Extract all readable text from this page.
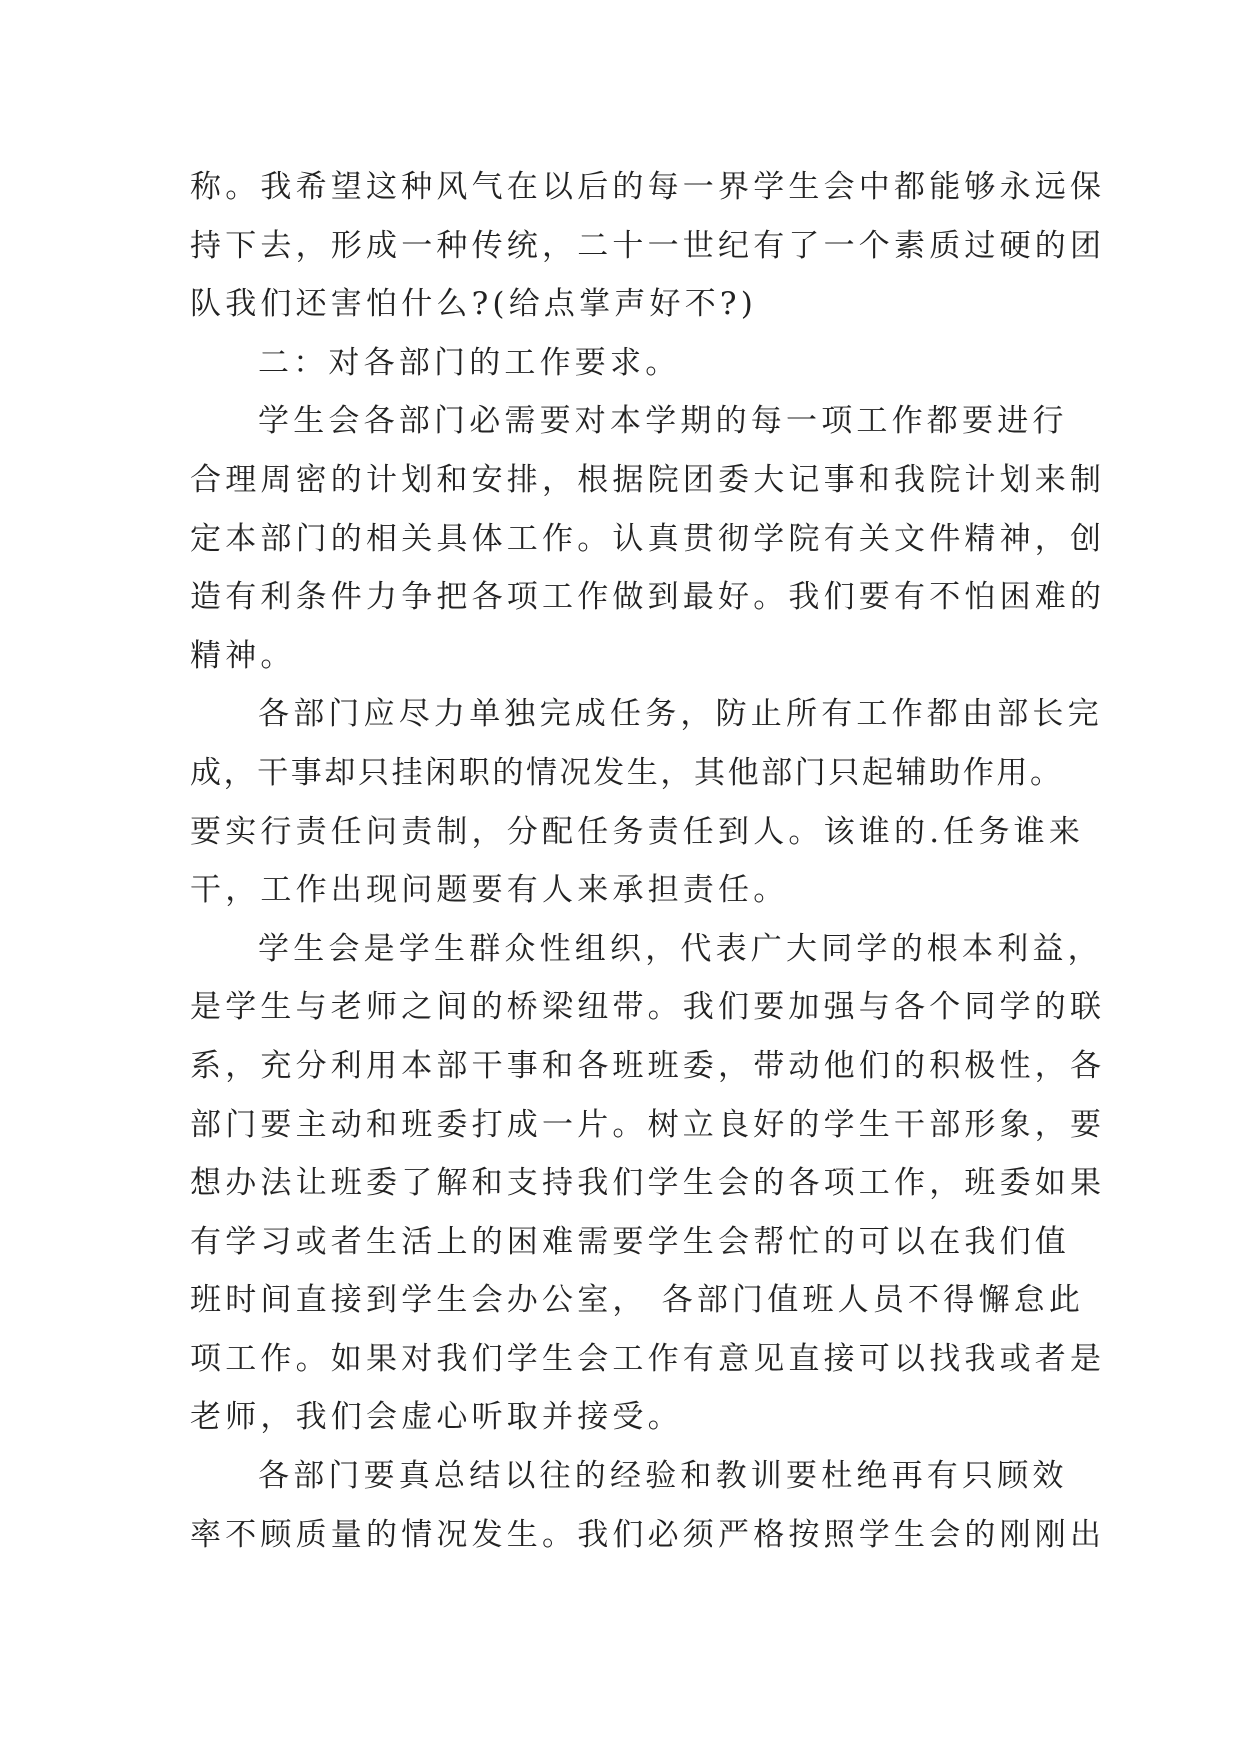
称。我希望这种风气在以后的每一界学生会中都能够永远保
持下去，形成一种传统，二十一世纪有了一个素质过硬的团
队我们还害怕什么?(给点掌声好不?)
二：对各部门的工作要求。
学生会各部门必需要对本学期的每一项工作都要进行
合理周密的计划和安排，根据院团委大记事和我院计划来制
定本部门的相关具体工作。认真贯彻学院有关文件精神，创
造有利条件力争把各项工作做到最好。我们要有不怕困难的
精神。
各部门应尽力单独完成任务，防止所有工作都由部长完
成，干事却只挂闲职的情况发生，其他部门只起辅助作用。
要实行责任问责制，分配任务责任到人。该谁的.任务谁来
干，工作出现问题要有人来承担责任。
学生会是学生群众性组织，代表广大同学的根本利益，
是学生与老师之间的桥梁纽带。我们要加强与各个同学的联
系，充分利用本部干事和各班班委，带动他们的积极性，各
部门要主动和班委打成一片。树立良好的学生干部形象，要
想办法让班委了解和支持我们学生会的各项工作，班委如果
有学习或者生活上的困难需要学生会帮忙的可以在我们值
班时间直接到学生会办公室， 各部门值班人员不得懈怠此
项工作。如果对我们学生会工作有意见直接可以找我或者是
老师，我们会虚心听取并接受。
各部门要真总结以往的经验和教训要杜绝再有只顾效
率不顾质量的情况发生。我们必须严格按照学生会的刚刚出
